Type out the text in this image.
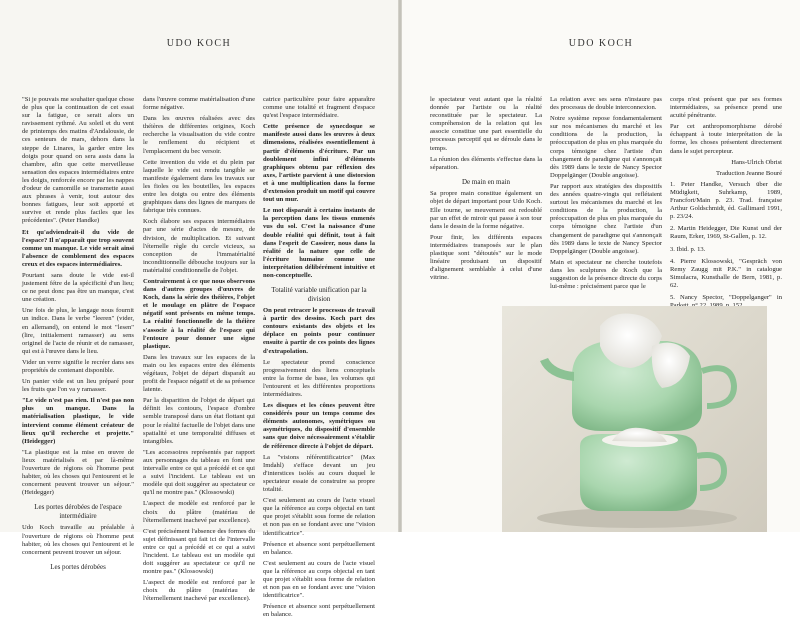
UDO KOCH

"Si je pouvais me souhaiter quelque chose de plus que la continuation de cet essai sur la fatigue, ce serait alors un ravissement rythmé. Au soleil et du vent de printemps des matins d'Andalousie, de ces senteurs de mars, dehors dans la steppe de Linares, la garder entre les doigts pour quand on sera assis dans la chambre, afin que cette merveilleuse sensation des espaces intermédiaires entre les doigts, renforcée encore par les nappes d'odeur de camomille se transmette aussi aux phrases à venir, tout autour des bonnes fatigues, leur soit apporté et survive et rende plus faciles que les précédentes". (Peter Handke)

Et qu'adviendrait-il du vide de l'espace? Il n'apparaît que trop souvent comme un manque. Le vide serait ainsi l'absence de comblement des espaces creux et des espaces intermédiaires.

Pourtant sans doute le vide est-il justement fétre de la spécificité d'un lieu; ce ne peut donc pas être un manque, c'est une création.

Une fois de plus, le langage nous fournit un indice. Dans le verbe "leeren" (vider, en allemand), on entend le mot "lesen" (lire, initialement ramasser) au sens originel de l'acte de réunir et de ramasser, qui est à l'œuvre dans le lieu.

Vider un verre signifie le recréer dans ses propriétés de contenant disponible.

Un panier vide est un lieu préparé pour les fruits que l'on va y ramasser.

"Le vide n'est pas rien. Il n'est pas non plus un manque. Dans la matérialisation plastique, le vide intervient comme élément créateur de lieux qu'il recherche et projette." (Heidegger)

"La plastique est la mise en œuvre de lieux matérialisés et par là-même l'ouverture de régions où l'homme peut habiter, où les choses qui l'entourent et le concernent peuvent trouver un séjour." (Heidegger)

Les portes dérobées de l'espace intermédiaire

Udo Koch travaille au préalable à l'ouverture de régions où l'homme peut habiter, où les choses qui l'entourent et le concernent peuvent trouver un séjour.

Les portes dérobées

dans l'œuvre comme matérialisation d'une forme négative.

Dans les œuvres réalisées avec des théières de différentes origines, Koch recherche la visualisation du vide contre le renflement du récipient et l'emplacement du bec versoir.

Cette invention du vide et du plein par laquelle le vide est rendu tangible se manifeste également dans les travaux sur les fioles ou les bouteilles, les espaces entre les doigts ou entre des éléments graphiques dans des lignes de marques de fabrique très connues.

Koch élabore ses espaces intermédiaires par une série d'actes de mesure, de division, de multiplication. Et suivant l'éternelle règle du cercle vicieux, sa conception de l'immatérialité inconditionnelle débouche toujours sur la matérialité conditionnelle de l'objet.

Contrairement à ce que nous observons dans d'autres groupes d'œuvres de Koch, dans la série des théières, l'objet et le moulage en plâtre de l'espace négatif sont présents en même temps. La réalité fonctionnelle de la théière s'associe à la réalité de l'espace qui l'entoure pour donner une signe plastique.

Dans les travaux sur les espaces de la main ou les espaces entre des éléments végétaux, l'objet de départ disparaît au profit de l'espace négatif et de sa présence latente.

Par la disparition de l'objet de départ qui définit les contours, l'espace d'ombre semble transposé dans un état flottant qui pour le réalité factuelle de l'objet dans une spatialité et une temporalité diffuses et intangibles.

"Les accessoires représentés par rapport aux personnages du tableau en font une intervalle entre ce qui a précédé et ce qui a suivi l'incident. Le tableau est un modèle qui doit suggérer au spectateur ce qu'il ne montre pas." (Klossowski)

L'aspect de modèle est renforcé par le choix du plâtre (matériau de l'éternellement inachevé par excellence).

C'est précisément l'absence des formes du sujet définissant qui fait ici de l'intervalle entre ce qui a précédé et ce qui a suivi l'incident. Le tableau est un modèle qui doit suggérer au spectateur ce qu'il ne montre pas." (Klossowski)

L'aspect de modèle est renforcé par le choix du plâtre (matériau de l'éternellement inachevé par excellence).

catrice particulière pour faire apparaître comme une totalité et fragment d'espace qu'est l'espace intermédiaire.

Cette présence de synecdoque se manifeste aussi dans les œuvres à deux dimensions, réalisées essentiellement à partir d'éléments d'écriture. Par un doublement infini d'éléments graphiques obtenu par réflexion des axes, l'artiste parvient à une distorsion et à une multiplication dans la forme d'extension produit un motif qui couvre tout un mur.

Le mot disparaît à certains instants de la perception dans les tissus enmenés vus du sol. C'est la naissance d'une double réalité qui définit, tout à fait dans l'esprit de Cassirer, nous dans la réalité de la nature que celle de l'écriture humaine comme une interprétation délibérément intuitive et non-conceptuelle.

Totalité variable unification par la division

On peut retracer le processus de travail à partir des dessins. Koch part des contours existants des objets et les déplace en points pour continuer ensuite à partir de ces points des lignes d'extrapolation.

Le spectateur prend conscience progressivement des liens conceptuels entre la forme de base, les volumes qui l'entourent et les différentes proportions intermédiaires.

Les disques et les cônes peuvent être considérés pour un temps comme des éléments autonomes, symétriques ou asymétriques, du dispositif d'ensemble sans que doive nécessairement s'établir de référence directe à l'objet de départ.

La "visions référentificatrice" (Max Imdahl) s'efface devant un jeu d'interstices isolés au cours duquel le spectateur essaie de construire sa propre totalité.

C'est seulement au cours de l'acte visuel que la référence au corps objectal en tant que projet s'établit sous forme de relation et non pas en se fondant avec une "vision identificatrice".

Présence et absence sont perpétuellement en balance.

C'est seulement au cours de l'acte visuel que la référence au corps objectal en tant que projet s'établit sous forme de relation et non pas en se fondant avec une "vision identificatrice".

Présence et absence sont perpétuellement en balance.

UDO KOCH

le spectateur veut autant que la réalité donnée par l'artiste ou la réalité reconstituée par le spectateur. La compréhension de la relation qui les associe constitue une part essentielle du processus perceptif qui se déroule dans le temps.

La réunion des éléments s'effectue dans la séparation.

De main en main

Sa propre main constitue également un objet de départ important pour Udo Koch. Elle tourne, se meuvement est redoublé par un effet de miroir qui passe à son tour dans le dessin de la forme négative.

Pour finir, les différents espaces intermédiaires transposés sur le plan plastique sont "détoutés" sur le mode linéaire produisant un dispositif d'alignement semblable à celui d'une vitrine.

La relation avec ses sens n'instaure pas des processus de double interconnexion.

Notre système repose fondamentalement sur nos mécanismes du marché et les conditions de la production, la préoccupation de plus en plus marquée du corps témoigne chez l'artiste d'un changement de paradigme qui s'annonçait dès 1989 dans le texte de Nancy Spector Doppelgänger (Double angoisse).

Par rapport aux stratégies des dispositifs des années quatre-vingts qui reflétaient surtout les mécanismes du marché et les conditions de la production, la préoccupation de plus en plus marquée du corps témoigne chez l'artiste d'un changement de paradigme qui s'annonçait dès 1989 dans le texte de Nancy Spector Doppelgänger (Double angoisse).

Main et spectateur ne cherche toutefois dans les sculptures de Koch que la suggestion de la présence directe du corps lui-même : précisément parce que le

corps n'est présent que par ses formes intermédiaires, sa présence prend une acuité pénétrante.

Par cet anthropomorphisme dérobé échappant à toute interprétation de la forme, les choses présentent directement dans le sujet percepteur.

Hans-Ulrich Obrist

Traduction Jeanne Bouré

1. Peter Handke, Versuch über die Müdigkeit, Suhrkamp, 1989, Francfort/Main p. 23. Trad. française Arthur Goldschmidt, éd. Gallimard 1991, p. 23/24.

2. Martin Heidegger, Die Kunst und der Raum, Erker, 1969, St-Gallen, p. 12.

3. Ibid. p. 13.

4. Pierre Klossowski, "Gespräch von Remy Zaugg mit P.K." in catalogue Simulacra, Kunsthalle de Bern, 1981, p. 62.

5. Nancy Spector, "Doppelganger" in
